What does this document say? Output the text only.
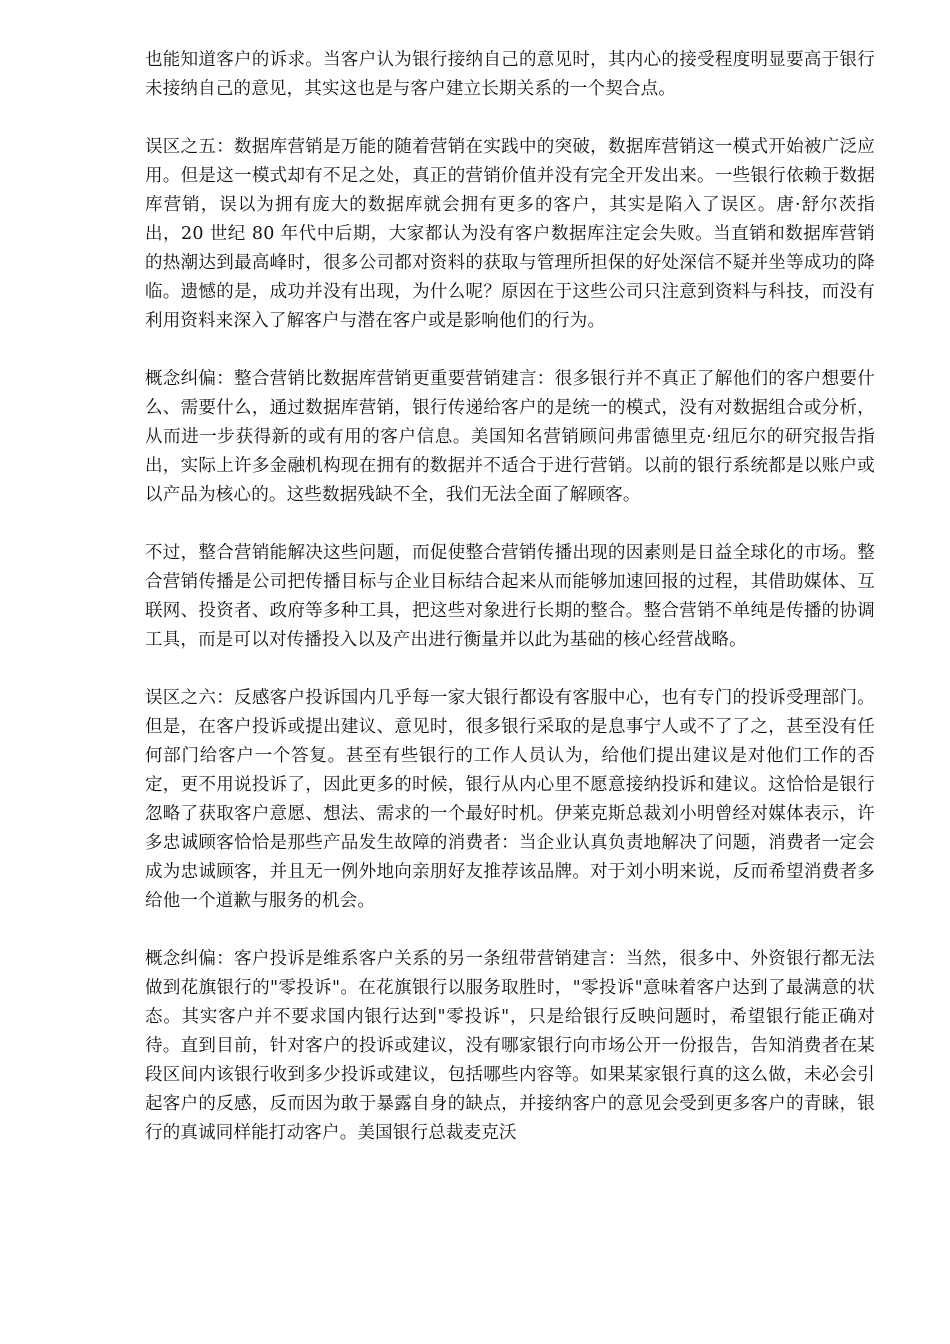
也能知道客户的诉求。当客户认为银行接纳自己的意见时，其内心的接受程度明显要高于银行未接纳自己的意见，其实这也是与客户建立长期关系的一个契合点。

误区之五：数据库营销是万能的随着营销在实践中的突破，数据库营销这一模式开始被广泛应用。但是这一模式却有不足之处，真正的营销价值并没有完全开发出来。一些银行依赖于数据库营销，误以为拥有庞大的数据库就会拥有更多的客户，其实是陷入了误区。唐·舒尔茨指出，20 世纪 80 年代中后期，大家都认为没有客户数据库注定会失败。当直销和数据库营销的热潮达到最高峰时，很多公司都对资料的获取与管理所担保的好处深信不疑并坐等成功的降临。遗憾的是，成功并没有出现，为什么呢？原因在于这些公司只注意到资料与科技，而没有利用资料来深入了解客户与潜在客户或是影响他们的行为。

概念纠偏：整合营销比数据库营销更重要营销建言：很多银行并不真正了解他们的客户想要什么、需要什么，通过数据库营销，银行传递给客户的是统一的模式，没有对数据组合或分析，从而进一步获得新的或有用的客户信息。美国知名营销顾问弗雷德里克·纽厄尔的研究报告指出，实际上许多金融机构现在拥有的数据并不适合于进行营销。以前的银行系统都是以账户或以产品为核心的。这些数据残缺不全，我们无法全面了解顾客。

不过，整合营销能解决这些问题，而促使整合营销传播出现的因素则是日益全球化的市场。整合营销传播是公司把传播目标与企业目标结合起来从而能够加速回报的过程，其借助媒体、互联网、投资者、政府等多种工具，把这些对象进行长期的整合。整合营销不单纯是传播的协调工具，而是可以对传播投入以及产出进行衡量并以此为基础的核心经营战略。

误区之六：反感客户投诉国内几乎每一家大银行都设有客服中心，也有专门的投诉受理部门。但是，在客户投诉或提出建议、意见时，很多银行采取的是息事宁人或不了了之，甚至没有任何部门给客户一个答复。甚至有些银行的工作人员认为，给他们提出建议是对他们工作的否定，更不用说投诉了，因此更多的时候，银行从内心里不愿意接纳投诉和建议。这恰恰是银行忽略了获取客户意愿、想法、需求的一个最好时机。伊莱克斯总裁刘小明曾经对媒体表示，许多忠诚顾客恰恰是那些产品发生故障的消费者：当企业认真负责地解决了问题，消费者一定会成为忠诚顾客，并且无一例外地向亲朋好友推荐该品牌。对于刘小明来说，反而希望消费者多给他一个道歉与服务的机会。

概念纠偏：客户投诉是维系客户关系的另一条纽带营销建言：当然，很多中、外资银行都无法做到花旗银行的"零投诉"。在花旗银行以服务取胜时，"零投诉"意味着客户达到了最满意的状态。其实客户并不要求国内银行达到"零投诉"，只是给银行反映问题时，希望银行能正确对待。直到目前，针对客户的投诉或建议，没有哪家银行向市场公开一份报告，告知消费者在某段区间内该银行收到多少投诉或建议，包括哪些内容等。如果某家银行真的这么做，未必会引起客户的反感，反而因为敢于暴露自身的缺点，并接纳客户的意见会受到更多客户的青睐，银行的真诚同样能打动客户。美国银行总裁麦克沃
